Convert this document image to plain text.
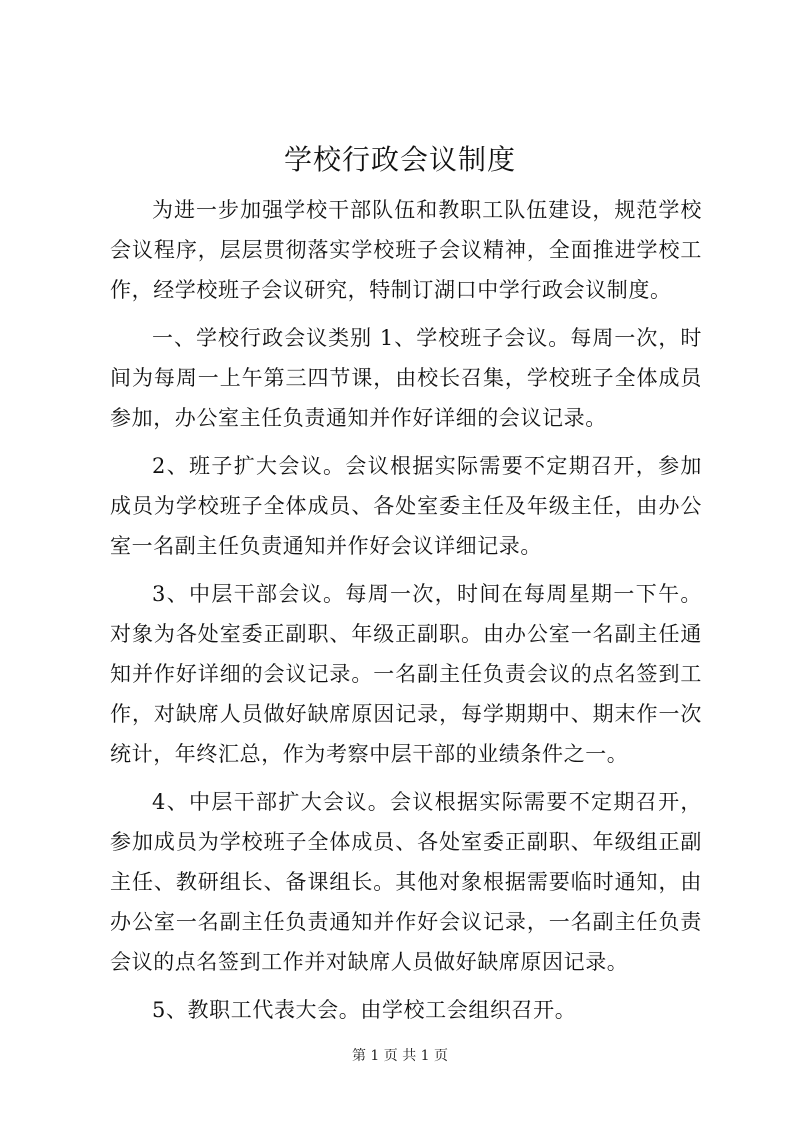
学校行政会议制度

为进一步加强学校干部队伍和教职工队伍建设，规范学校会议程序，层层贯彻落实学校班子会议精神，全面推进学校工作，经学校班子会议研究，特制订湖口中学行政会议制度。

一、学校行政会议类别 1、学校班子会议。每周一次，时间为每周一上午第三四节课，由校长召集，学校班子全体成员参加，办公室主任负责通知并作好详细的会议记录。

2、班子扩大会议。会议根据实际需要不定期召开，参加成员为学校班子全体成员、各处室委主任及年级主任，由办公室一名副主任负责通知并作好会议详细记录。

3、中层干部会议。每周一次，时间在每周星期一下午。对象为各处室委正副职、年级正副职。由办公室一名副主任通知并作好详细的会议记录。一名副主任负责会议的点名签到工作，对缺席人员做好缺席原因记录，每学期期中、期末作一次统计，年终汇总，作为考察中层干部的业绩条件之一。

4、中层干部扩大会议。会议根据实际需要不定期召开，参加成员为学校班子全体成员、各处室委正副职、年级组正副主任、教研组长、备课组长。其他对象根据需要临时通知，由办公室一名副主任负责通知并作好会议记录，一名副主任负责会议的点名签到工作并对缺席人员做好缺席原因记录。

5、教职工代表大会。由学校工会组织召开。

第 1 页 共 1 页
